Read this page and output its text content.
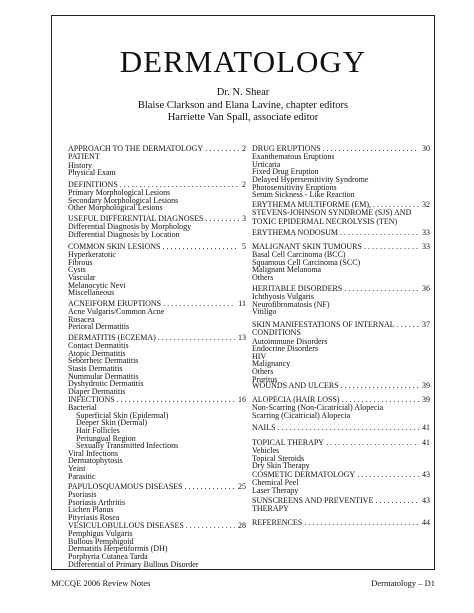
DERMATOLOGY
Dr. N. Shear
Blaise Clarkson and Elana Lavine, chapter editors
Harriette Van Spall, associate editor
APPROACH TO THE DERMATOLOGY . . .	2
PATIENT
History
Physical Exam
DEFINITIONS . . .	2
Primary Morphological Lesions
Secondary Morphological Lesions
Other Morphological Lesions
USEFUL DIFFERENTIAL DIAGNOSES . . .	3
Differential Diagnosis by Morphology
Differential Diagnosis by Location
COMMON SKIN LESIONS . . .	5
Hyperkeratotic
Fibrous
Cysts
Vascular
Melanocytic Nevi
Miscellaneous
ACNEIFORM ERUPTIONS . . .	11
Acne Vulgaris/Common Acne
Rosacea
Perioral Dermatitis
DERMATITIS (ECZEMA) . . .	13
Contact Dermatitis
Atopic Dermatitis
Seborrheic Dermatitis
Stasis Dermatitis
Nummular Dermatitis
Dyshydrotic Dermatitis
Diaper Dermatitis
INFECTIONS . . .	16
Bacterial
Superficial Skin (Epidermal)
Deeper Skin (Dermal)
Hair Follicles
Periungual Region
Sexually Transmitted Infections
Viral Infections
Dermatophytosis
Yeast
Parasitic
PAPULOSQUAMOUS DISEASES . . .	25
Psoriasis
Psoriasis Arthritis
Lichen Planus
Pityriasis Rosea
VESICULOBULLOUS DISEASES . . .	28
Pemphigus Vulgaris
Bullous Pemphigoid
Dermatitis Herpetiformis (DH)
Porphyria Cutanea Tarda
Differential of Primary Bullous Disorder
DRUG ERUPTIONS . . .	30
Exanthematous Eruptions
Urticaria
Fixed Drug Eruption
Delayed Hypersensitivity Syndrome
Photosensitivity Eruptions
Serum Sickness - Like Reaction
ERYTHEMA MULTIFORME (EM), . . .	32
STEVENS-JOHNSON SYNDROME (SJS) AND
TOXIC EPIDERMAL NECROLYSIS (TEN)
ERYTHEMA NODOSUM . . .	33
MALIGNANT SKIN TUMOURS . . .	33
Basal Cell Carcinoma (BCC)
Squamous Cell Carcinoma (SCC)
Malignant Melanoma
Others
HERITABLE DISORDERS . . .	36
Ichthyosis Vulgaris
Neurofibromatosis (NF)
Vitiligo
SKIN MANIFESTATIONS OF INTERNAL . . .	37
CONDITIONS
Autoimmune Disorders
Endocrine Disorders
HIV
Malignancy
Others
Pruritus
WOUNDS AND ULCERS . . .	39
ALOPECIA (HAIR LOSS) . . .	39
Non-Scarring (Non-Cicatricial) Alopecia
Scarring (Cicatricial) Alopecia
NAILS . . .	41
TOPICAL THERAPY . . .	41
Vehicles
Topical Steroids
Dry Skin Therapy
COSMETIC DERMATOLOGY . . .	43
Chemical Peel
Laser Therapy
SUNSCREENS AND PREVENTIVE . . .	43
THERAPY
REFERENCES . . .	44
MCCQE 2006 Review Notes	Dermatology – D1
